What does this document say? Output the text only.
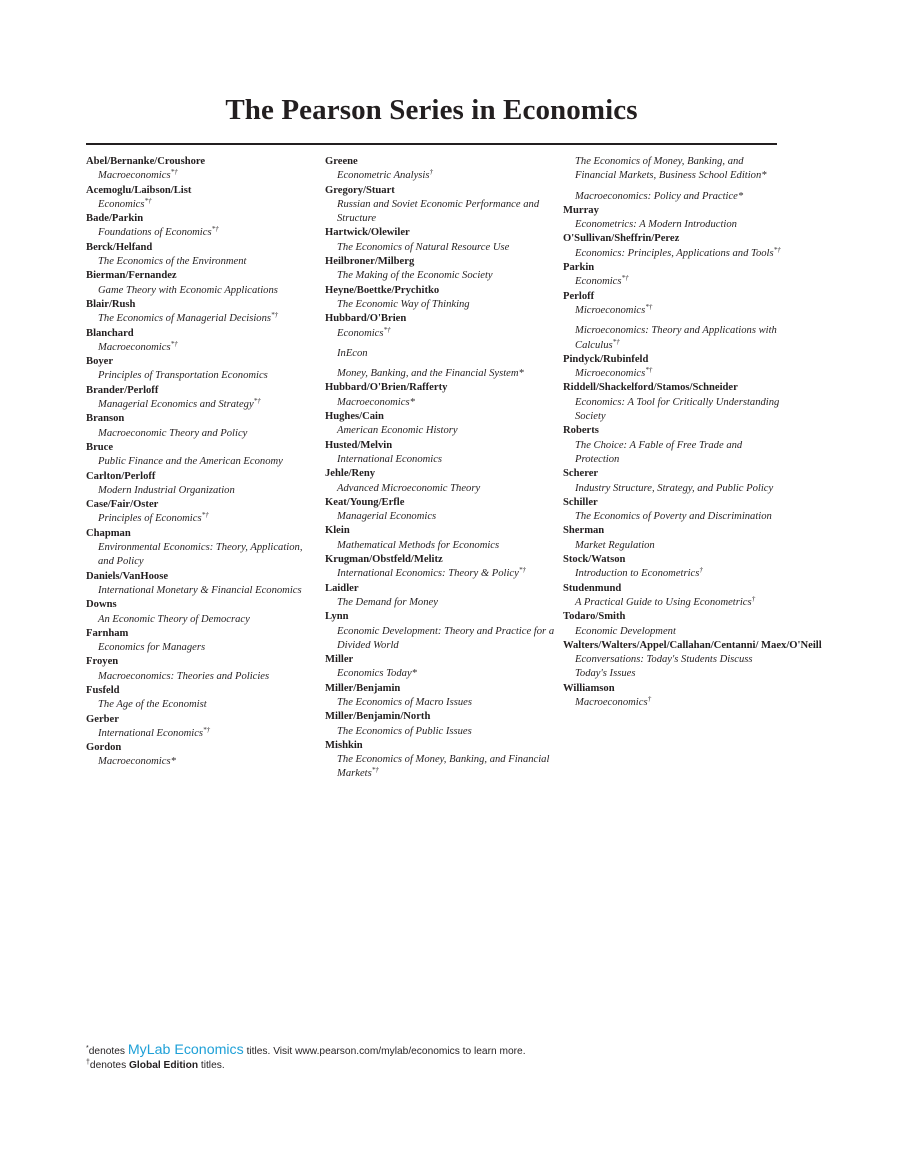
The Pearson Series in Economics
Abel/Bernanke/Croushore
Macroeconomics*†
Acemoglu/Laibson/List
Economics*†
Bade/Parkin
Foundations of Economics*†
Berck/Helfand
The Economics of the Environment
Bierman/Fernandez
Game Theory with Economic Applications
Blair/Rush
The Economics of Managerial Decisions*†
Blanchard
Macroeconomics*†
Boyer
Principles of Transportation Economics
Brander/Perloff
Managerial Economics and Strategy*†
Branson
Macroeconomic Theory and Policy
Bruce
Public Finance and the American Economy
Carlton/Perloff
Modern Industrial Organization
Case/Fair/Oster
Principles of Economics*†
Chapman
Environmental Economics: Theory, Application, and Policy
Daniels/VanHoose
International Monetary & Financial Economics
Downs
An Economic Theory of Democracy
Farnham
Economics for Managers
Froyen
Macroeconomics: Theories and Policies
Fusfeld
The Age of the Economist
Gerber
International Economics*†
Gordon
Macroeconomics*
Greene
Econometric Analysis†
Gregory/Stuart
Russian and Soviet Economic Performance and Structure
Hartwick/Olewiler
The Economics of Natural Resource Use
Heilbroner/Milberg
The Making of the Economic Society
Heyne/Boettke/Prychitko
The Economic Way of Thinking
Hubbard/O'Brien
Economics*†
InEcon
Money, Banking, and the Financial System*
Hubbard/O'Brien/Rafferty
Macroeconomics*
Hughes/Cain
American Economic History
Husted/Melvin
International Economics
Jehle/Reny
Advanced Microeconomic Theory
Keat/Young/Erfle
Managerial Economics
Klein
Mathematical Methods for Economics
Krugman/Obstfeld/Melitz
International Economics: Theory & Policy*†
Laidler
The Demand for Money
Lynn
Economic Development: Theory and Practice for a Divided World
Miller
Economics Today*
Miller/Benjamin
The Economics of Macro Issues
Miller/Benjamin/North
The Economics of Public Issues
Mishkin
The Economics of Money, Banking, and Financial Markets*†
The Economics of Money, Banking, and Financial Markets, Business School Edition*
Macroeconomics: Policy and Practice*
Murray
Econometrics: A Modern Introduction
O'Sullivan/Sheffrin/Perez
Economics: Principles, Applications and Tools*†
Parkin
Economics*†
Perloff
Microeconomics*†
Microeconomics: Theory and Applications with Calculus*†
Pindyck/Rubinfeld
Microeconomics*†
Riddell/Shackelford/Stamos/Schneider
Economics: A Tool for Critically Understanding Society
Roberts
The Choice: A Fable of Free Trade and Protection
Scherer
Industry Structure, Strategy, and Public Policy
Schiller
The Economics of Poverty and Discrimination
Sherman
Market Regulation
Stock/Watson
Introduction to Econometrics†
Studenmund
A Practical Guide to Using Econometrics†
Todaro/Smith
Economic Development
Walters/Walters/Appel/Callahan/Centanni/ Maex/O'Neill
Econversations: Today's Students Discuss Today's Issues
Williamson
Macroeconomics†
*denotes MyLab Economics titles. Visit www.pearson.com/mylab/economics to learn more.
†denotes Global Edition titles.
